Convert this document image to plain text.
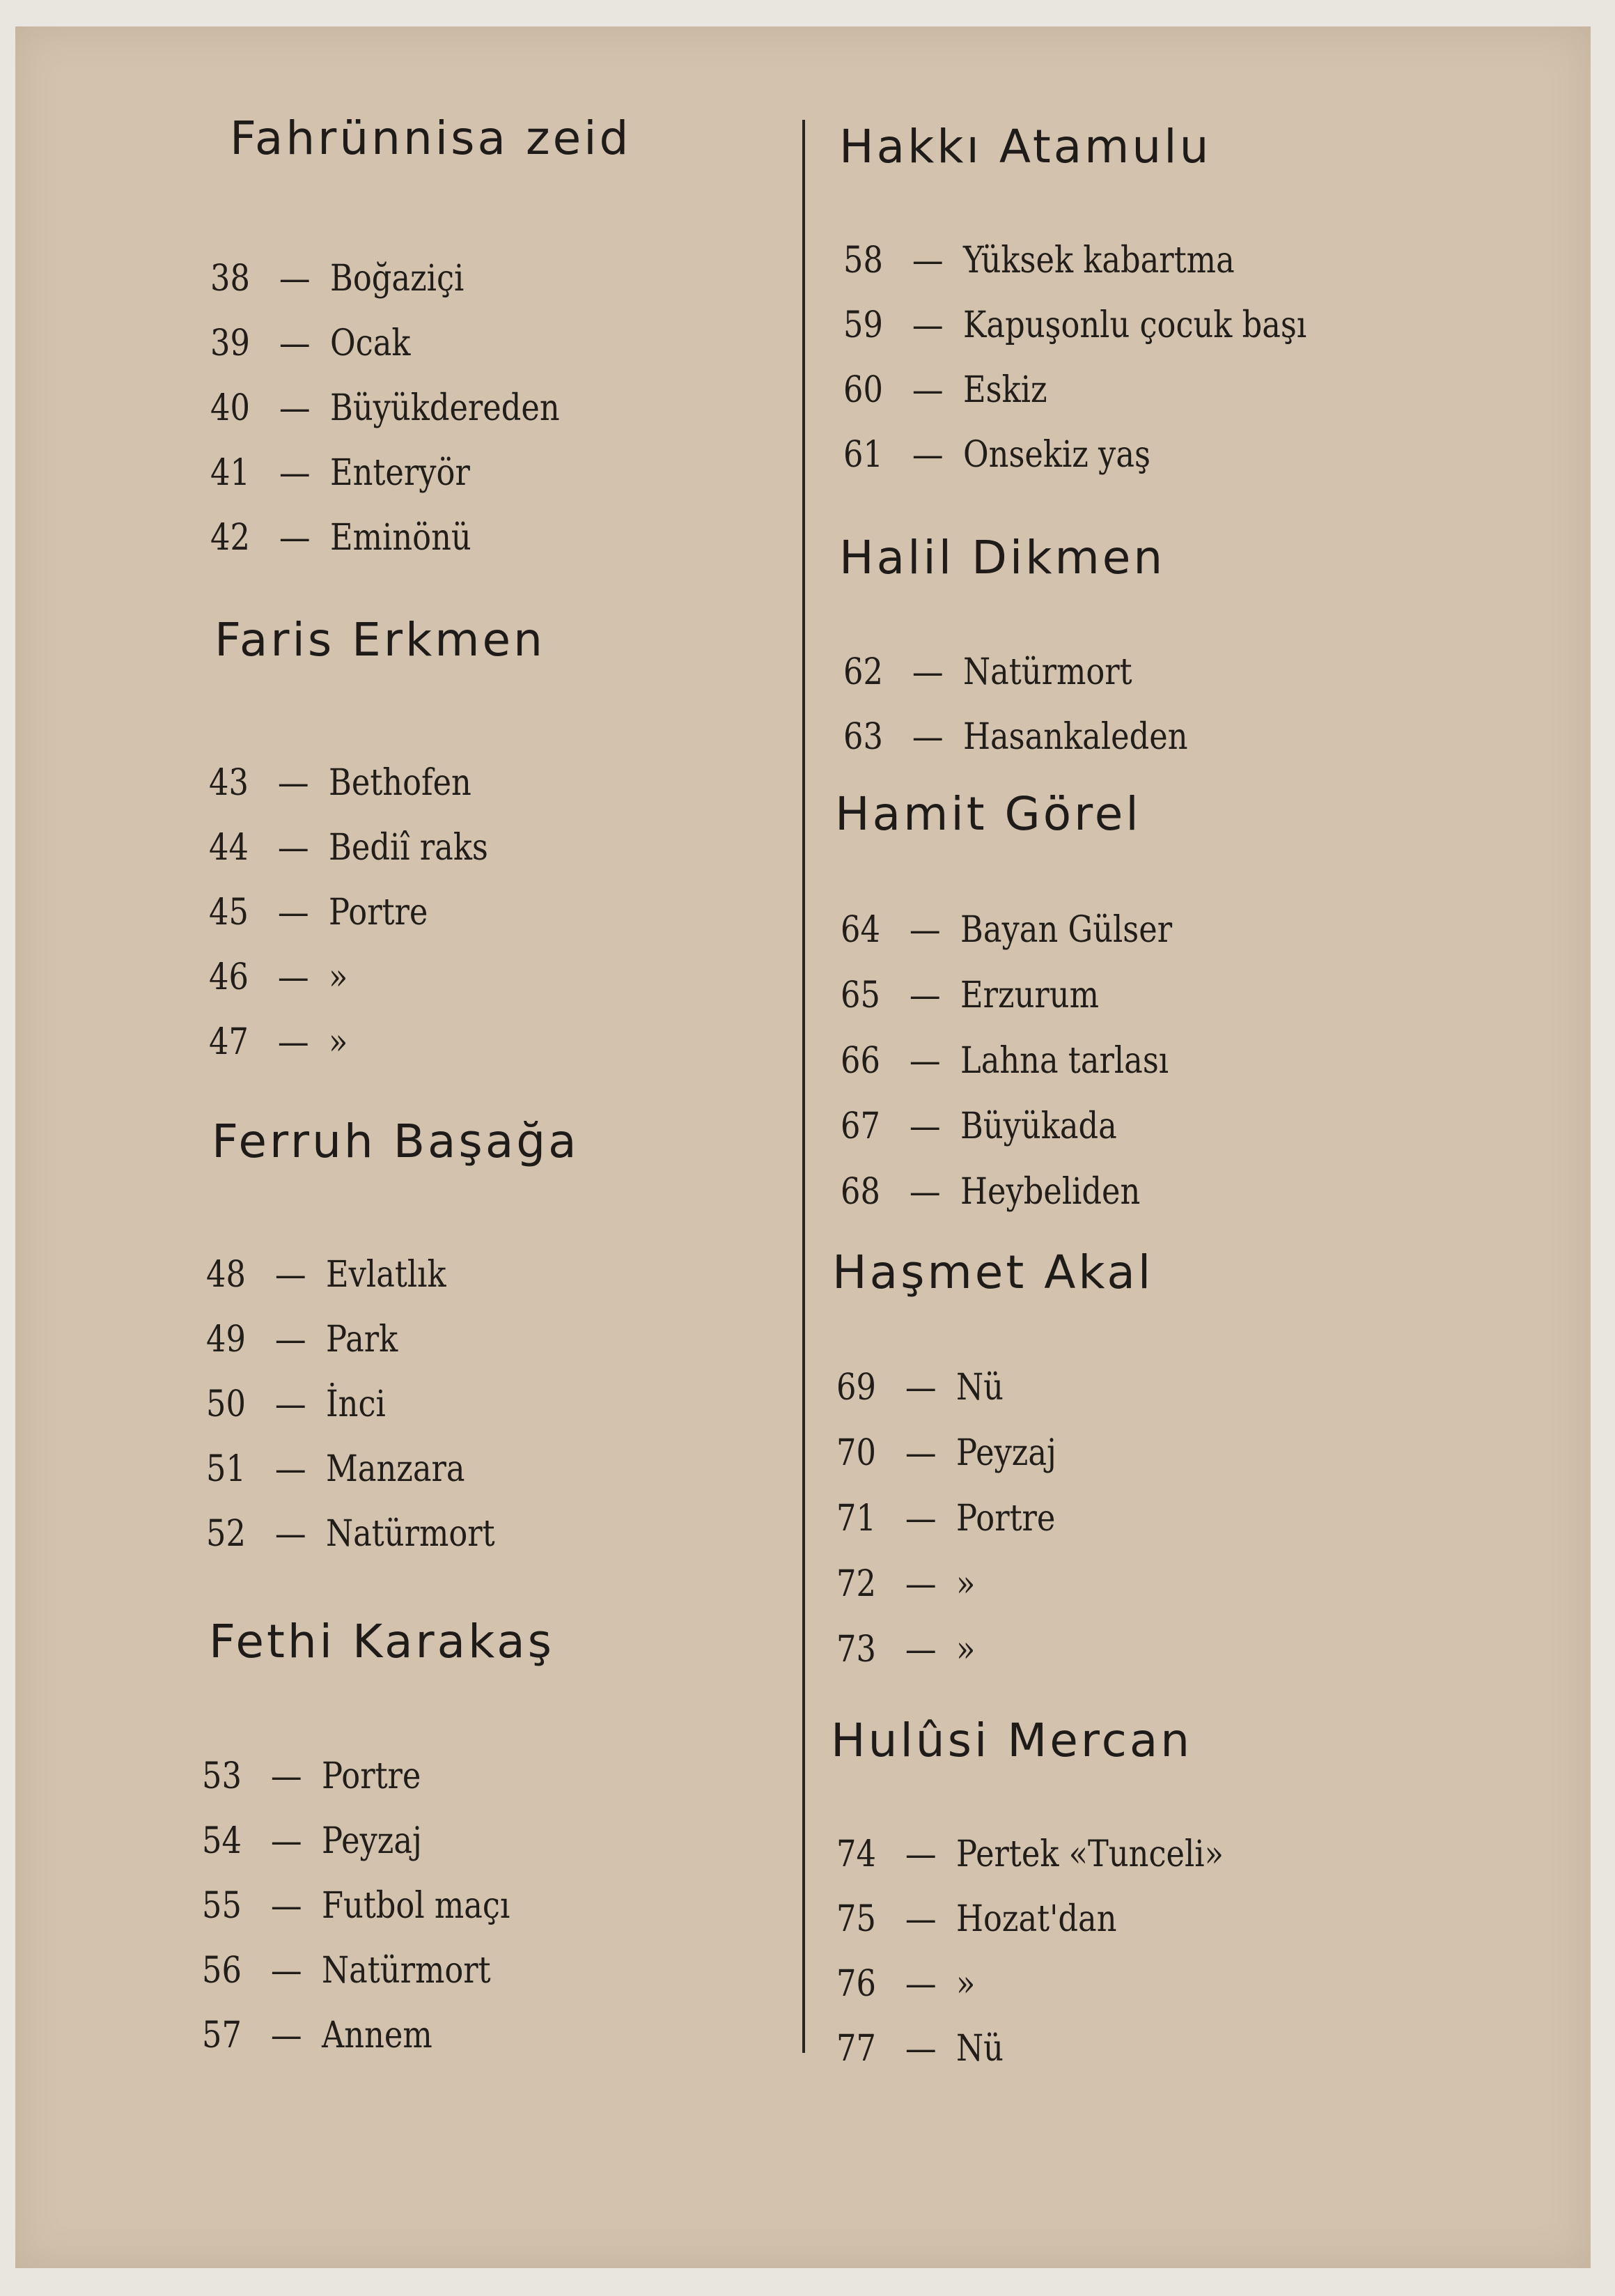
Fahrünnisa zeid
38 — Boğaziçi
39 — Ocak
40 — Büyükdereden
41 — Enteryör
42 — Eminönü
Faris Erkmen
43 — Bethofen
44 — Bediî raks
45 — Portre
46 — »
47 — »
Ferruh Başağa
48 — Evlatlık
49 — Park
50 — İnci
51 — Manzara
52 — Natürmort
Fethi Karakaş
53 — Portre
54 — Peyzaj
55 — Futbol maçı
56 — Natürmort
57 — Annem
Hakkı Atamulu
58 — Yüksek kabartma
59 — Kapuşonlu çocuk başı
60 — Eskiz
61 — Onsekiz yaş
Halil Dikmen
62 — Natürmort
63 — Hasankaleden
Hamit Görel
64 — Bayan Gülser
65 — Erzurum
66 — Lahna tarlası
67 — Büyükada
68 — Heybeliden
Haşmet Akal
69 — Nü
70 — Peyzaj
71 — Portre
72 — »
73 — »
Hulûsi Mercan
74 — Pertek «Tunceli»
75 — Hozat'dan
76 — »
77 — Nü
